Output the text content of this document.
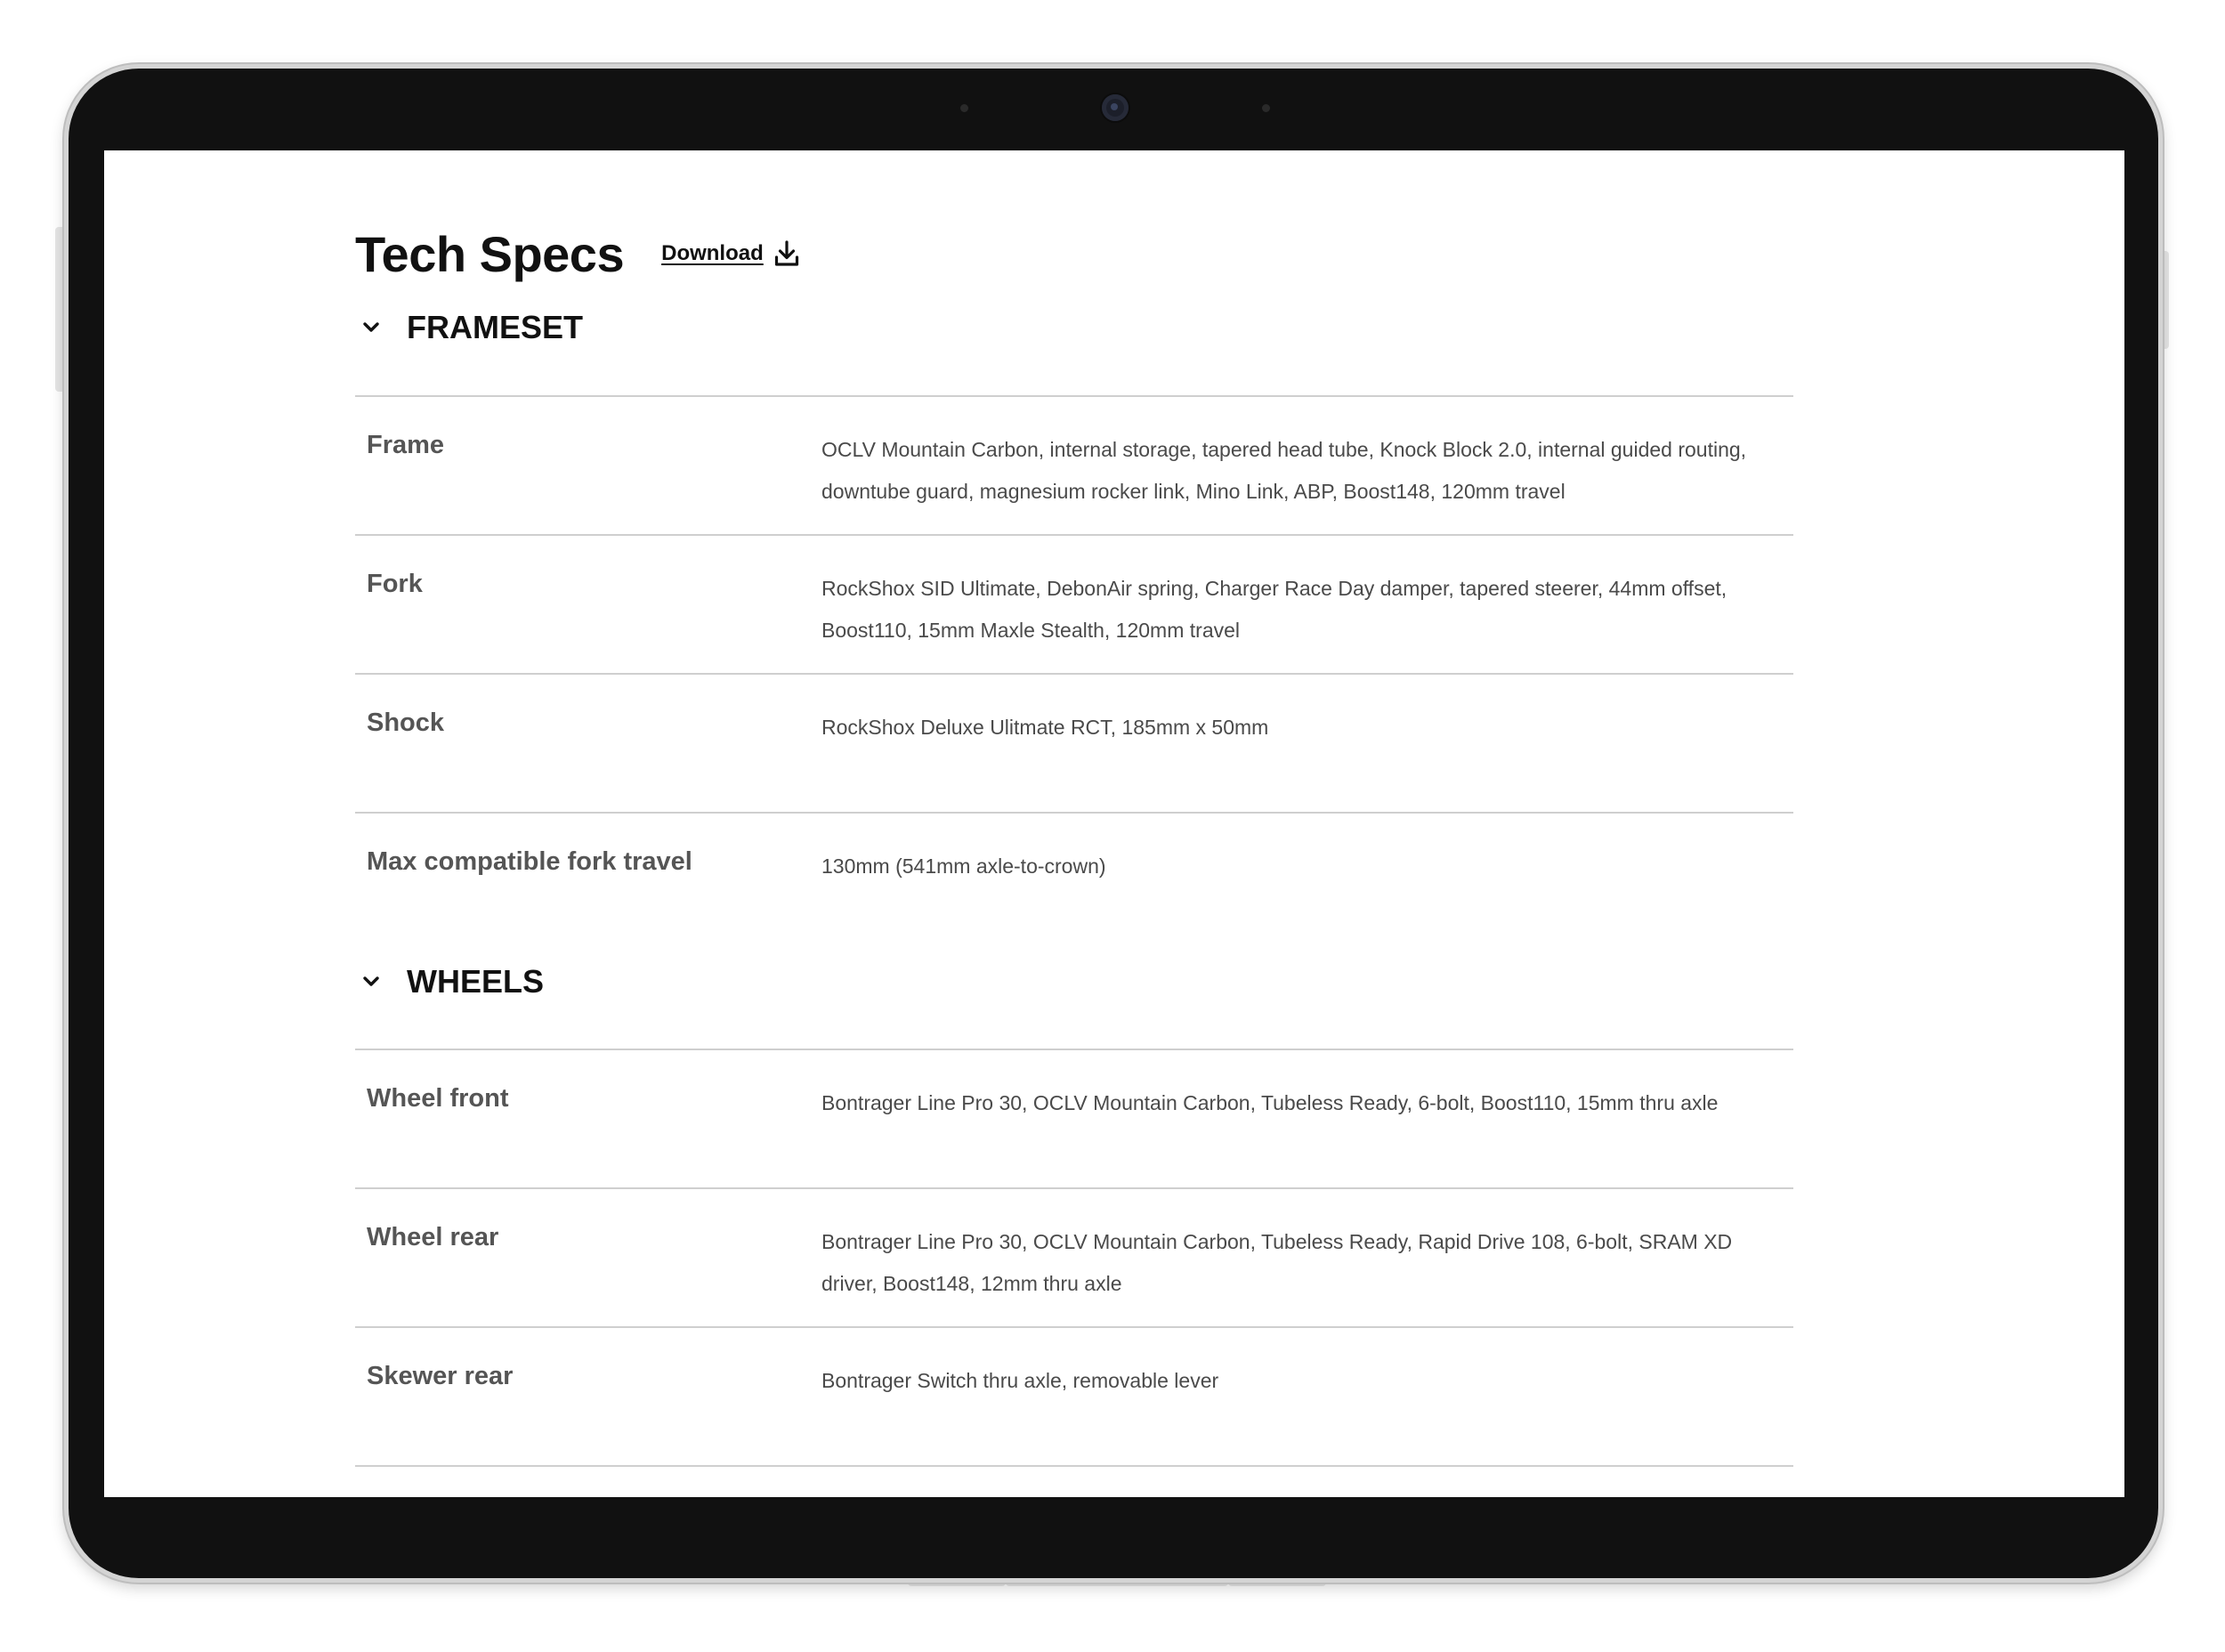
Tech Specs Download
FRAMESET
Frame	OCLV Mountain Carbon, internal storage, tapered head tube, Knock Block 2.0, internal guided routing, downtube guard, magnesium rocker link, Mino Link, ABP, Boost148, 120mm travel
Fork	RockShox SID Ultimate, DebonAir spring, Charger Race Day damper, tapered steerer, 44mm offset, Boost110, 15mm Maxle Stealth, 120mm travel
Shock	RockShox Deluxe Ulitmate RCT, 185mm x 50mm
Max compatible fork travel	130mm (541mm axle-to-crown)
WHEELS
Wheel front	Bontrager Line Pro 30, OCLV Mountain Carbon, Tubeless Ready, 6-bolt, Boost110, 15mm thru axle
Wheel rear	Bontrager Line Pro 30, OCLV Mountain Carbon, Tubeless Ready, Rapid Drive 108, 6-bolt, SRAM XD driver, Boost148, 12mm thru axle
Skewer rear	Bontrager Switch thru axle, removable lever
